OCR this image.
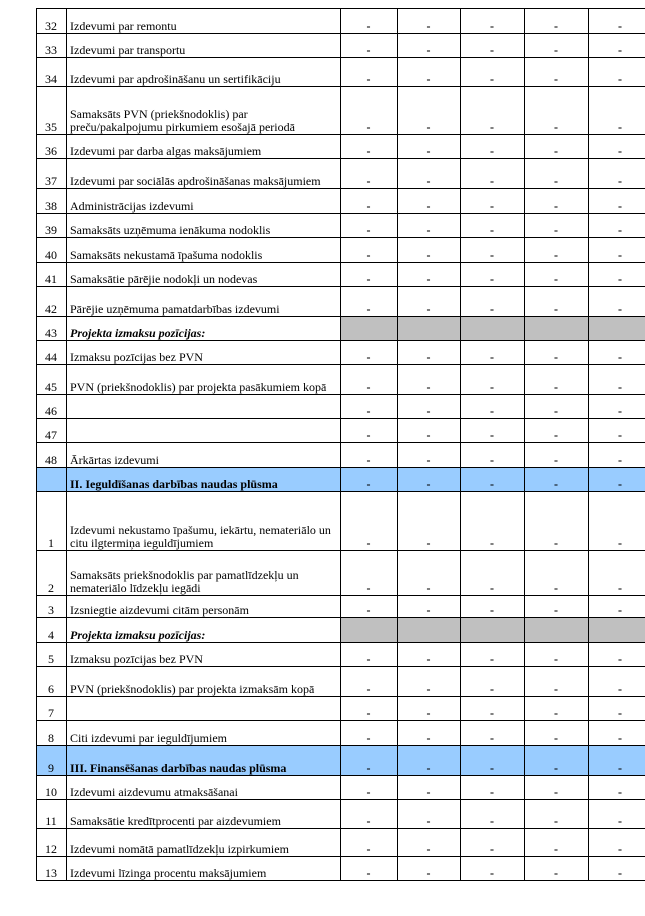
32	Izdevumi par remontu	-	-	-	-	-
33	Izdevumi par transportu	-	-	-	-	-
34	Izdevumi par apdrošināšanu un sertifikāciju	-	-	-	-	-
35	Samaksāts PVN (priekšnodoklis) par preču/pakalpojumu pirkumiem esošajā periodā	-	-	-	-	-
36	Izdevumi par darba algas maksājumiem	-	-	-	-	-
37	Izdevumi par sociālās apdrošināšanas maksājumiem	-	-	-	-	-
38	Administrācijas izdevumi	-	-	-	-	-
39	Samaksāts uzņēmuma ienākuma nodoklis	-	-	-	-	-
40	Samaksāts nekustamā īpašuma nodoklis	-	-	-	-	-
41	Samaksātie pārējie nodokļi un nodevas	-	-	-	-	-
42	Pārējie uzņēmuma pamatdarbības izdevumi	-	-	-	-	-
43	Projekta izmaksu pozīcijas:					
44	Izmaksu pozīcijas bez PVN	-	-	-	-	-
45	PVN (priekšnodoklis) par projekta pasākumiem kopā	-	-	-	-	-
46		-	-	-	-	-
47		-	-	-	-	-
48	Ārkārtas izdevumi	-	-	-	-	-
	II. Ieguldīšanas darbības naudas plūsma	-	-	-	-	-
1	Izdevumi nekustamo īpašumu, iekārtu, nemateriālo un citu ilgtermiņa ieguldījumiem	-	-	-	-	-
2	Samaksāts priekšnodoklis par pamatlīdzekļu un nemateriālo līdzekļu iegādi	-	-	-	-	-
3	Izsniegtie aizdevumi citām personām	-	-	-	-	-
4	Projekta izmaksu pozīcijas:					
5	Izmaksu pozīcijas bez PVN	-	-	-	-	-
6	PVN (priekšnodoklis) par projekta izmaksām kopā	-	-	-	-	-
7		-	-	-	-	-
8	Citi izdevumi par ieguldījumiem	-	-	-	-	-
9	III. Finansēšanas darbības naudas plūsma	-	-	-	-	-
10	Izdevumi aizdevumu atmaksāšanai	-	-	-	-	-
11	Samaksātie kredītprocenti par aizdevumiem	-	-	-	-	-
12	Izdevumi nomātā pamatlīdzekļu izpirkumiem	-	-	-	-	-
13	Izdevumi līzinga procentu maksājumiem	-	-	-	-	-
